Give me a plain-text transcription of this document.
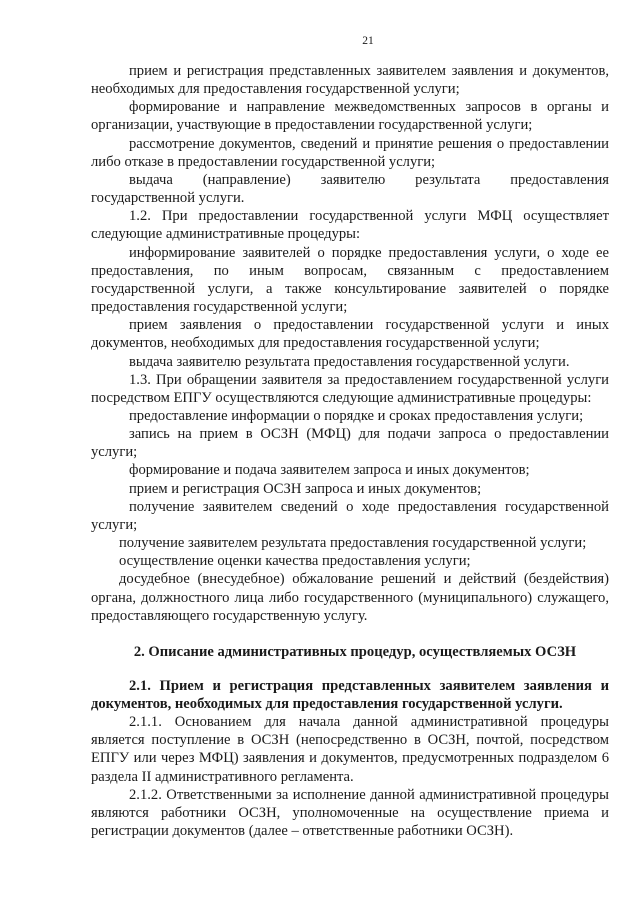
21

прием и регистрация представленных заявителем заявления и документов, необходимых для предоставления государственной услуги;

формирование и направление межведомственных запросов в органы и организации, участвующие в предоставлении государственной услуги;

рассмотрение документов, сведений и принятие решения о предоставлении либо отказе в предоставлении государственной услуги;

выдача (направление) заявителю результата предоставления государственной услуги.

1.2. При предоставлении государственной услуги МФЦ осуществляет следующие административные процедуры:

информирование заявителей о порядке предоставления услуги, о ходе ее предоставления, по иным вопросам, связанным с предоставлением государственной услуги, а также консультирование заявителей о порядке предоставления государственной услуги;

прием заявления о предоставлении государственной услуги и иных документов, необходимых для предоставления государственной услуги;

выдача заявителю результата предоставления государственной услуги.

1.3. При обращении заявителя за предоставлением государственной услуги посредством ЕПГУ осуществляются следующие административные процедуры:

предоставление информации о порядке и сроках предоставления услуги;

запись на прием в ОСЗН (МФЦ) для подачи запроса о предоставлении услуги;

формирование и подача заявителем запроса и иных документов;

прием и регистрация ОСЗН запроса и иных документов;

получение заявителем сведений о ходе предоставления государственной услуги;

получение заявителем результата предоставления государственной услуги;

осуществление оценки качества предоставления услуги;

досудебное (внесудебное) обжалование решений и действий (бездействия) органа, должностного лица либо государственного (муниципального) служащего, предоставляющего государственную услугу.

2. Описание административных процедур, осуществляемых ОСЗН
2.1. Прием и регистрация представленных заявителем заявления и документов, необходимых для предоставления государственной услуги.

2.1.1. Основанием для начала данной административной процедуры является поступление в ОСЗН (непосредственно в ОСЗН, почтой, посредством ЕПГУ или через МФЦ) заявления и документов, предусмотренных подразделом 6 раздела II административного регламента.

2.1.2. Ответственными за исполнение данной административной процедуры являются работники ОСЗН, уполномоченные на осуществление приема и регистрации документов (далее – ответственные работники ОСЗН).
